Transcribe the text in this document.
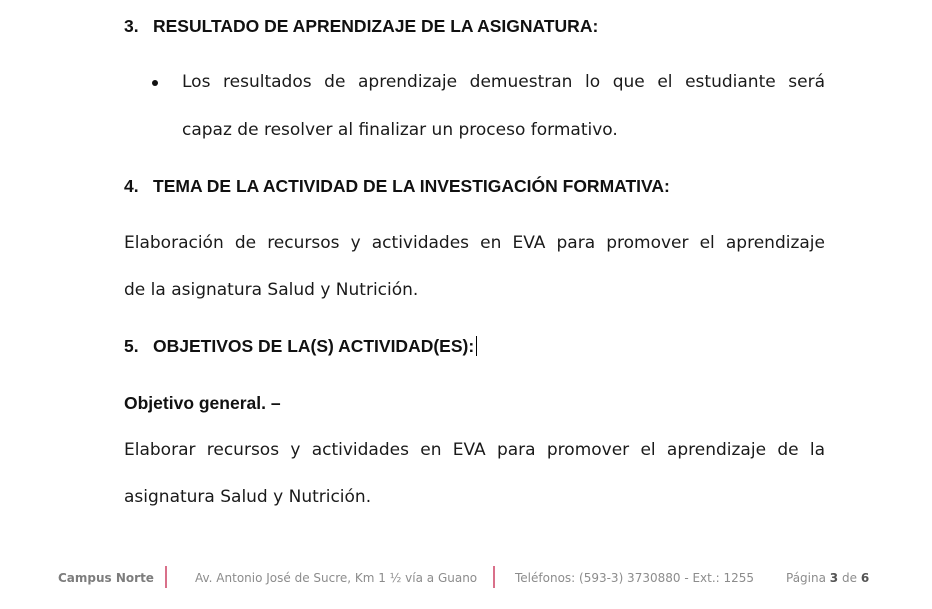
3. RESULTADO DE APRENDIZAJE DE LA ASIGNATURA:
Los resultados de aprendizaje demuestran lo que el estudiante será
capaz de resolver al finalizar un proceso formativo.
4. TEMA DE LA ACTIVIDAD DE LA INVESTIGACIÓN FORMATIVA:
Elaboración de recursos y actividades en EVA para promover el aprendizaje
de la asignatura Salud y Nutrición.
5. OBJETIVOS DE LA(S) ACTIVIDAD(ES):
Objetivo general. –
Elaborar recursos y actividades en EVA para promover el aprendizaje de la
asignatura Salud y Nutrición.
Campus Norte	Av. Antonio José de Sucre, Km 1 ½ vía a Guano	Teléfonos: (593-3) 3730880 - Ext.: 1255	Página 3 de 6
